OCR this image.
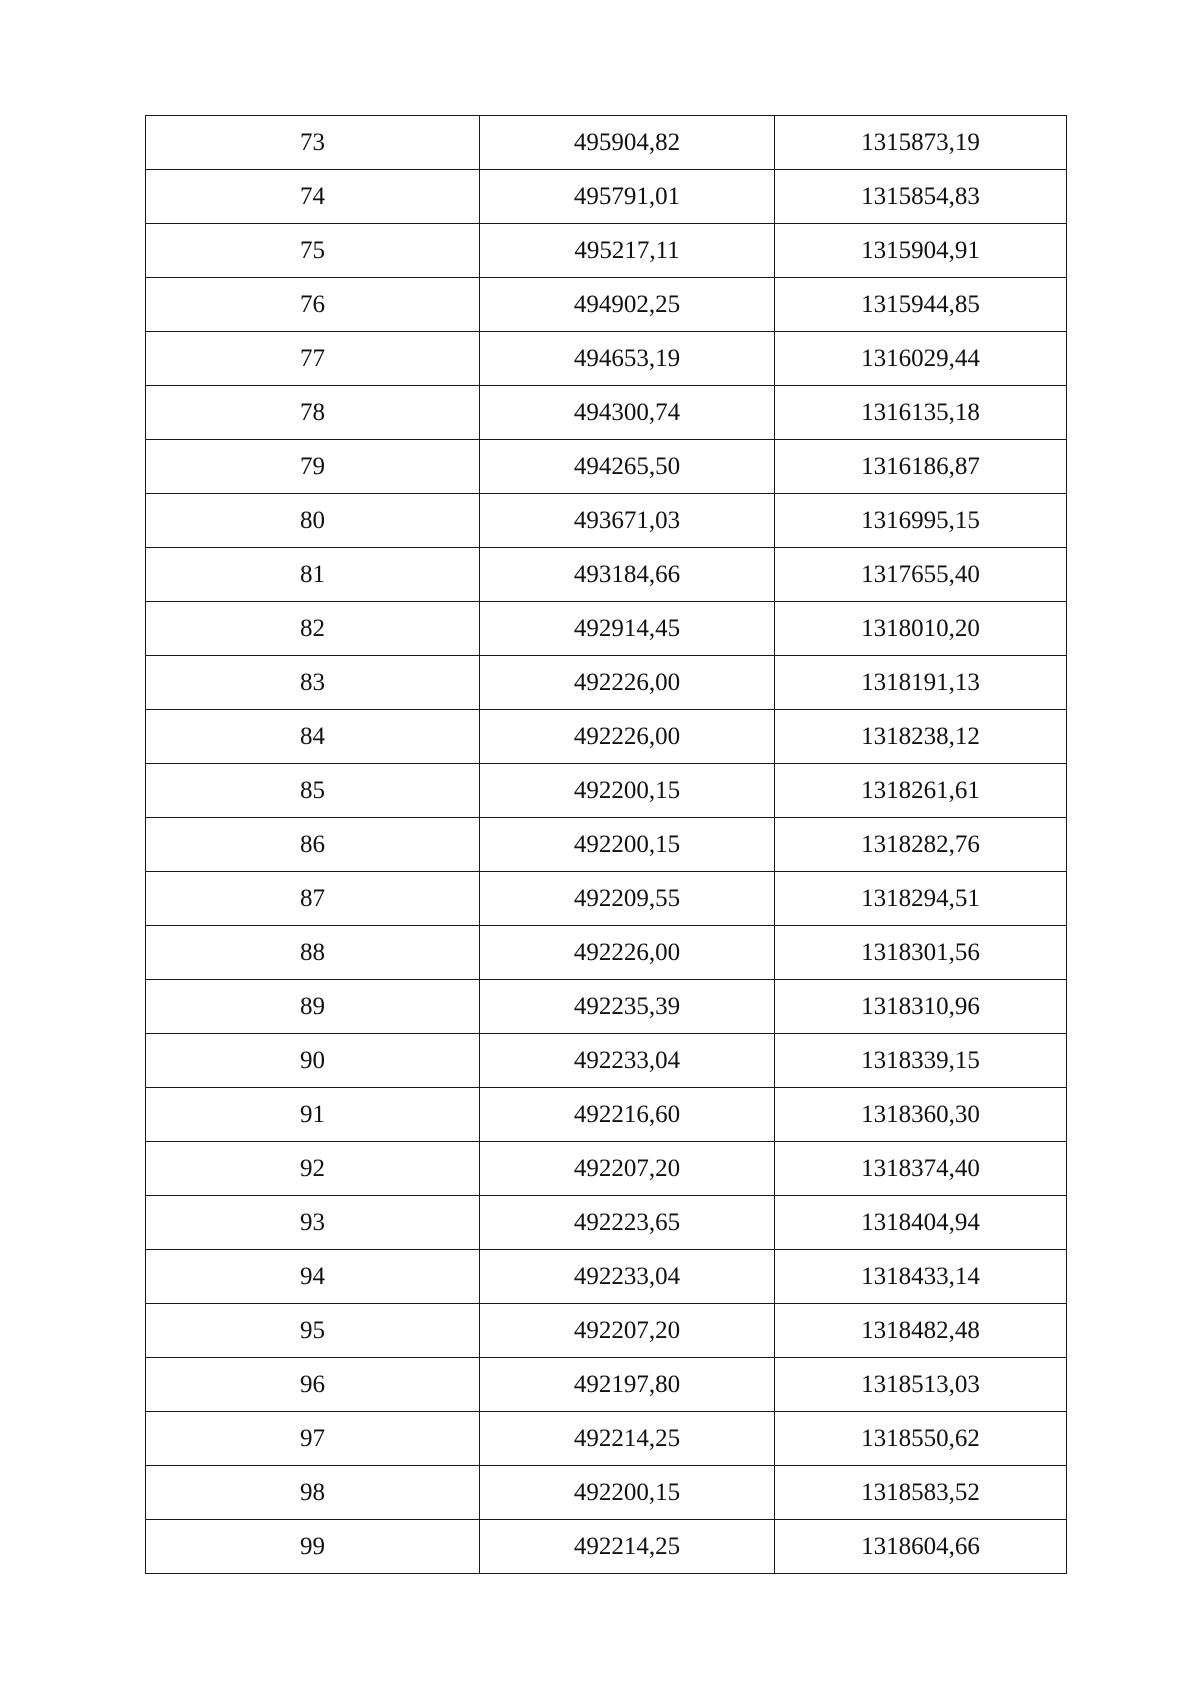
73	495904,82	1315873,19
74	495791,01	1315854,83
75	495217,11	1315904,91
76	494902,25	1315944,85
77	494653,19	1316029,44
78	494300,74	1316135,18
79	494265,50	1316186,87
80	493671,03	1316995,15
81	493184,66	1317655,40
82	492914,45	1318010,20
83	492226,00	1318191,13
84	492226,00	1318238,12
85	492200,15	1318261,61
86	492200,15	1318282,76
87	492209,55	1318294,51
88	492226,00	1318301,56
89	492235,39	1318310,96
90	492233,04	1318339,15
91	492216,60	1318360,30
92	492207,20	1318374,40
93	492223,65	1318404,94
94	492233,04	1318433,14
95	492207,20	1318482,48
96	492197,80	1318513,03
97	492214,25	1318550,62
98	492200,15	1318583,52
99	492214,25	1318604,66
